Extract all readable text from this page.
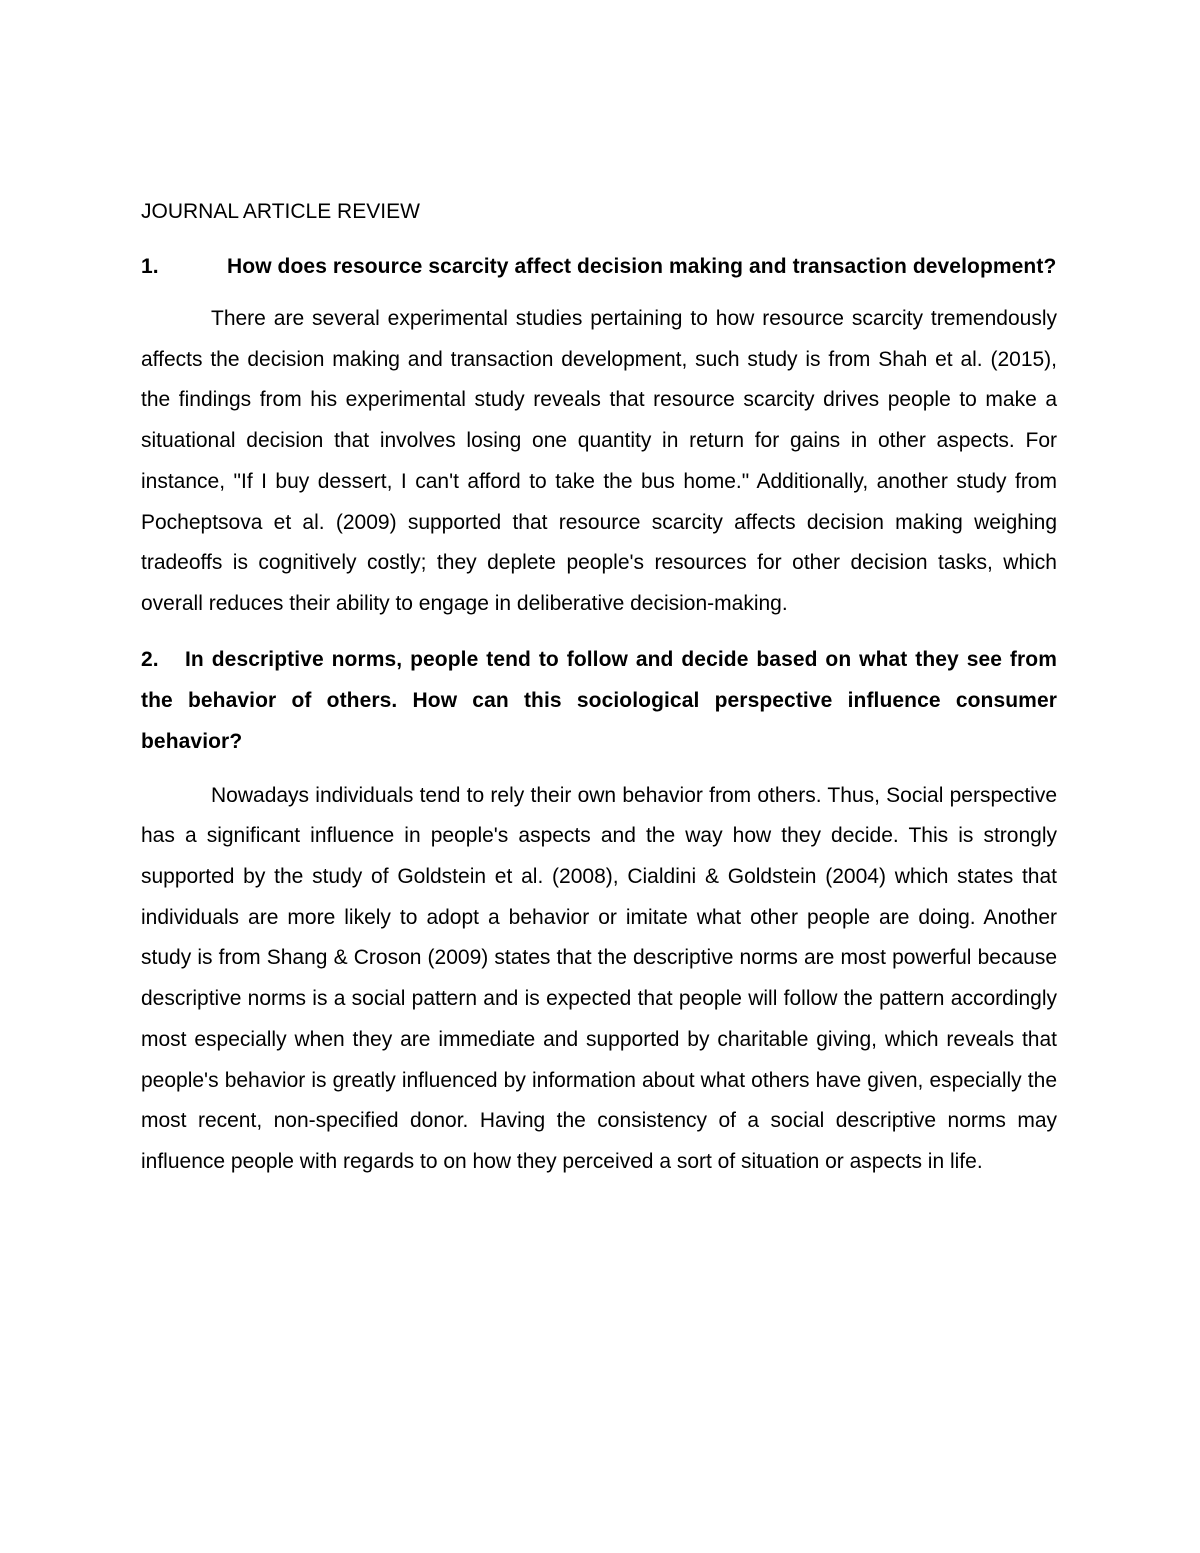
JOURNAL ARTICLE REVIEW

1.	How does resource scarcity affect decision making and transaction development?

There are several experimental studies pertaining to how resource scarcity tremendously affects the decision making and transaction development, such study is from Shah et al. (2015), the findings from his experimental study reveals that resource scarcity drives people to make a situational decision that involves losing one quantity in return for gains in other aspects. For instance, "If I buy dessert, I can't afford to take the bus home." Additionally, another study from Pocheptsova et al. (2009) supported that resource scarcity affects decision making weighing tradeoffs is cognitively costly; they deplete people's resources for other decision tasks, which overall reduces their ability to engage in deliberative decision-making.

2. In descriptive norms, people tend to follow and decide based on what they see from the behavior of others. How can this sociological perspective influence consumer behavior?

Nowadays individuals tend to rely their own behavior from others. Thus, Social perspective has a significant influence in people's aspects and the way how they decide. This is strongly supported by the study of Goldstein et al. (2008), Cialdini & Goldstein (2004) which states that individuals are more likely to adopt a behavior or imitate what other people are doing. Another study is from Shang & Croson (2009) states that the descriptive norms are most powerful because descriptive norms is a social pattern and is expected that people will follow the pattern accordingly most especially when they are immediate and supported by charitable giving, which reveals that people's behavior is greatly influenced by information about what others have given, especially the most recent, non-specified donor. Having the consistency of a social descriptive norms may influence people with regards to on how they perceived a sort of situation or aspects in life.
